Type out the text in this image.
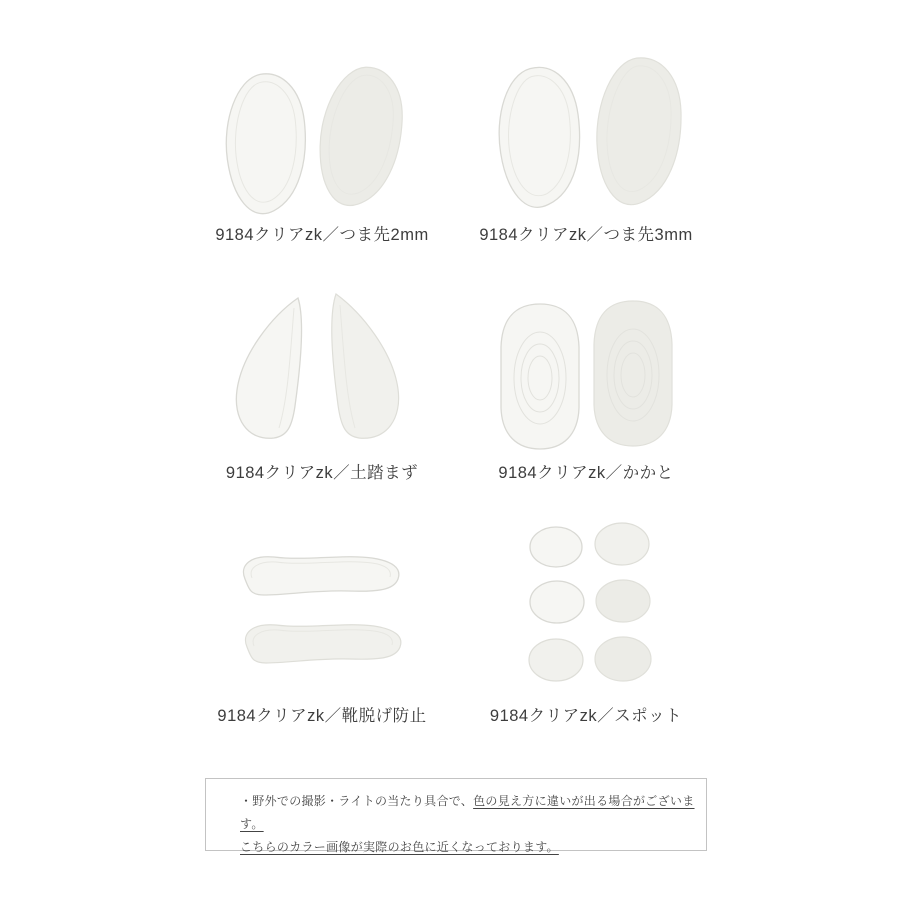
9184クリアzk／つま先2mm	9184クリアzk／つま先3mm
9184クリアzk／土踏まず	9184クリアzk／かかと
9184クリアzk／靴脱げ防止	9184クリアzk／スポット
・野外での撮影・ライトの当たり具合で、色の見え方に違いが出る場合がございます。
こちらのカラー画像が実際のお色に近くなっております。
